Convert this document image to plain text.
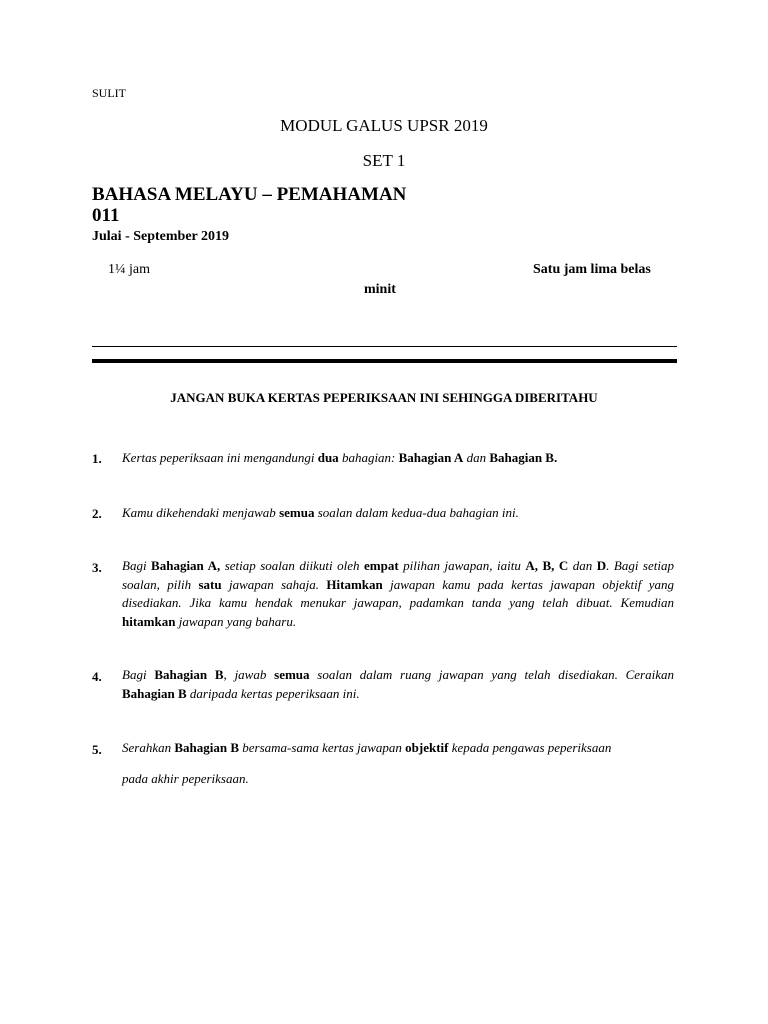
SULIT
MODUL GALUS UPSR 2019
SET 1
BAHASA MELAYU – PEMAHAMAN
011
Julai - September 2019
1¼ jam	Satu jam lima belas
minit
JANGAN BUKA KERTAS PEPERIKSAAN INI SEHINGGA DIBERITAHU
1. Kertas peperiksaan ini mengandungi dua bahagian: Bahagian A dan Bahagian B.
2. Kamu dikehendaki menjawab semua soalan dalam kedua-dua bahagian ini.
3. Bagi Bahagian A, setiap soalan diikuti oleh empat pilihan jawapan, iaitu A, B, C dan D. Bagi setiap soalan, pilih satu jawapan sahaja. Hitamkan jawapan kamu pada kertas jawapan objektif yang disediakan. Jika kamu hendak menukar jawapan, padamkan tanda yang telah dibuat. Kemudian hitamkan jawapan yang baharu.
4. Bagi Bahagian B, jawab semua soalan dalam ruang jawapan yang telah disediakan. Ceraikan Bahagian B daripada kertas peperiksaan ini.
5. Serahkan Bahagian B bersama-sama kertas jawapan objektif kepada pengawas peperiksaan
pada akhir peperiksaan.
